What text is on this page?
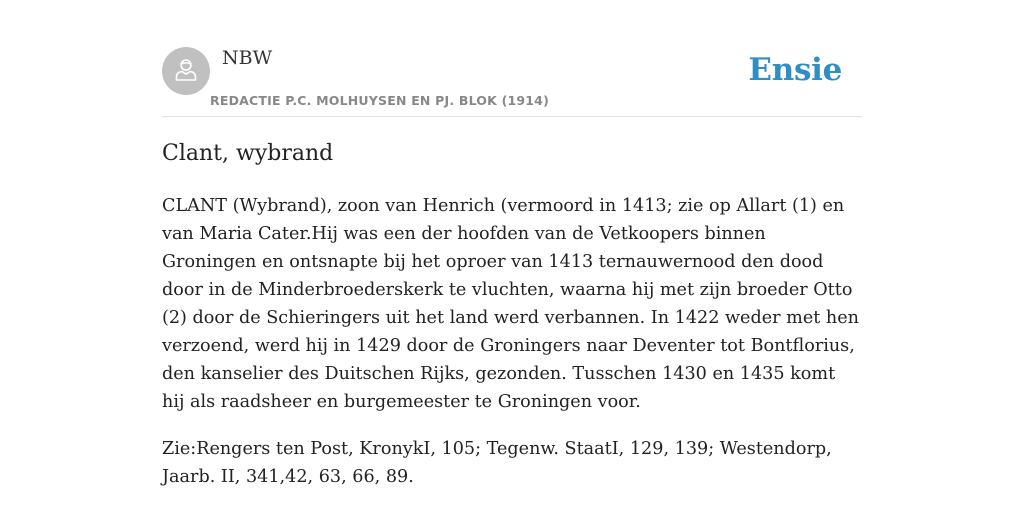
NBW
REDACTIE P.C. MOLHUYSEN EN PJ. BLOK (1914)
Ensie
Clant, wybrand

CLANT (Wybrand), zoon van Henrich (vermoord in 1413; zie op Allart (1) en van Maria Cater.Hij was een der hoofden van de Vetkoopers binnen Groningen en ontsnapte bij het oproer van 1413 ternauwernood den dood door in de Minderbroederskerk te vluchten, waarna hij met zijn broeder Otto (2) door de Schieringers uit het land werd verbannen. In 1422 weder met hen verzoend, werd hij in 1429 door de Groningers naar Deventer tot Bontflorius, den kanselier des Duitschen Rijks, gezonden. Tusschen 1430 en 1435 komt hij als raadsheer en burgemeester te Groningen voor.

Zie:Rengers ten Post, KronykI, 105; Tegenw. StaatI, 129, 139; Westendorp, Jaarb. II, 341,42, 63, 66, 89.
